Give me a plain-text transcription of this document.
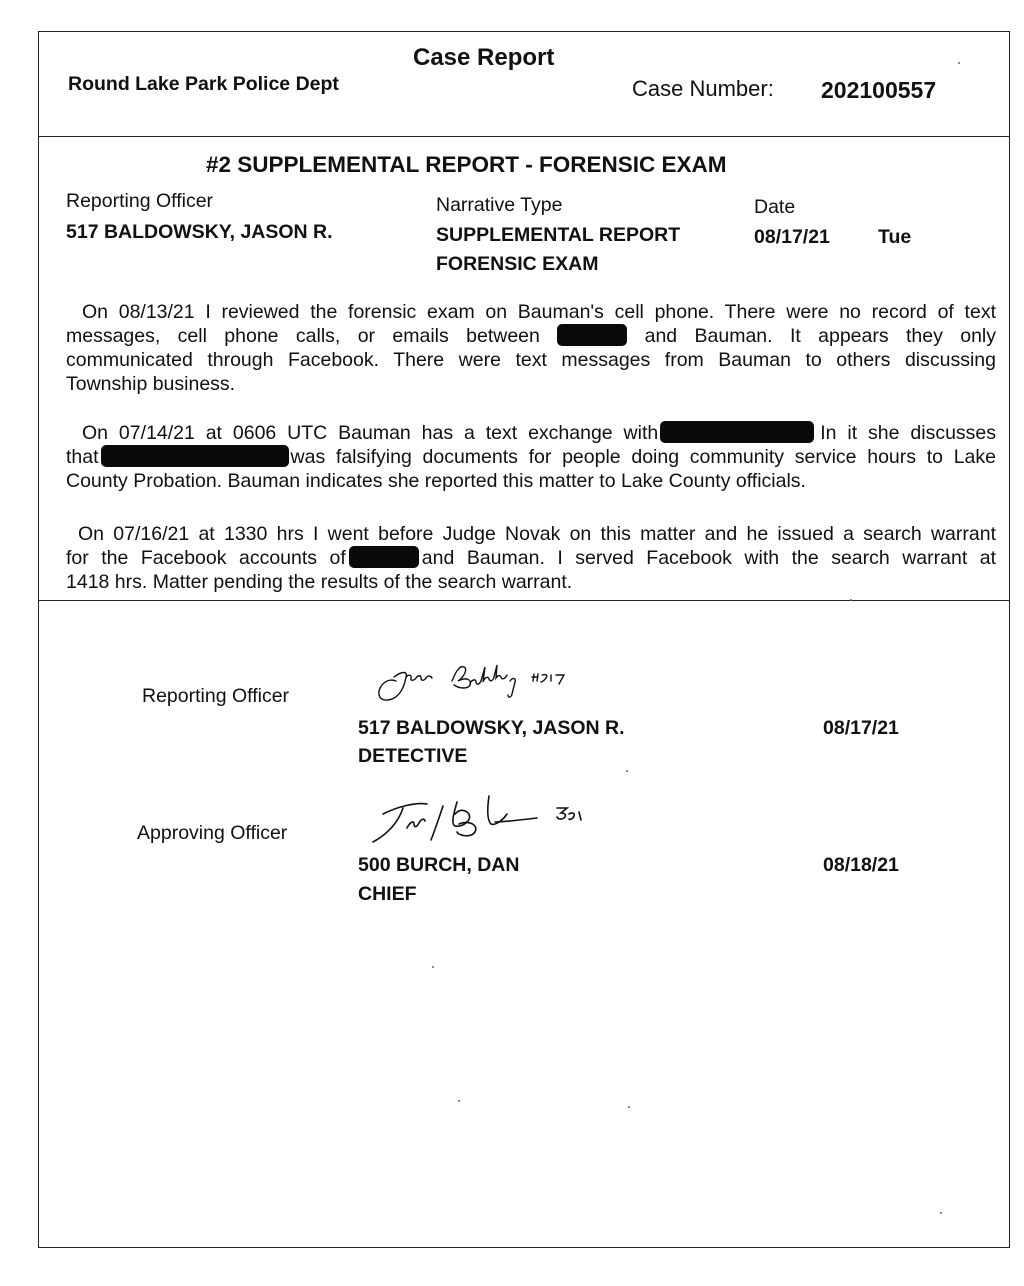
Case Report
Round Lake Park Police Dept	Case Number: 202100557
#2 SUPPLEMENTAL REPORT - FORENSIC EXAM
Reporting Officer
517 BALDOWSKY, JASON R.
Narrative Type
SUPPLEMENTAL REPORT
FORENSIC EXAM
Date
08/17/21 Tue
On 08/13/21 I reviewed the forensic exam on Bauman's cell phone. There were no record of text
messages, cell phone calls, or emails between	and Bauman. It appears they only
communicated through Facebook. There were text messages from Bauman to others discussing
Township business.
On 07/14/21 at 0606 UTC Bauman has a text exchange with	In it she discusses
that	was falsifying documents for people doing community service hours to Lake
County Probation. Bauman indicates she reported this matter to Lake County officials.
On 07/16/21 at 1330 hrs I went before Judge Novak on this matter and he issued a search warrant
for the Facebook accounts of	and Bauman. I served Facebook with the search warrant at
1418 hrs. Matter pending the results of the search warrant.
Reporting Officer
517 BALDOWSKY, JASON R.
DETECTIVE
08/17/21
Approving Officer
500 BURCH, DAN
CHIEF
08/18/21
